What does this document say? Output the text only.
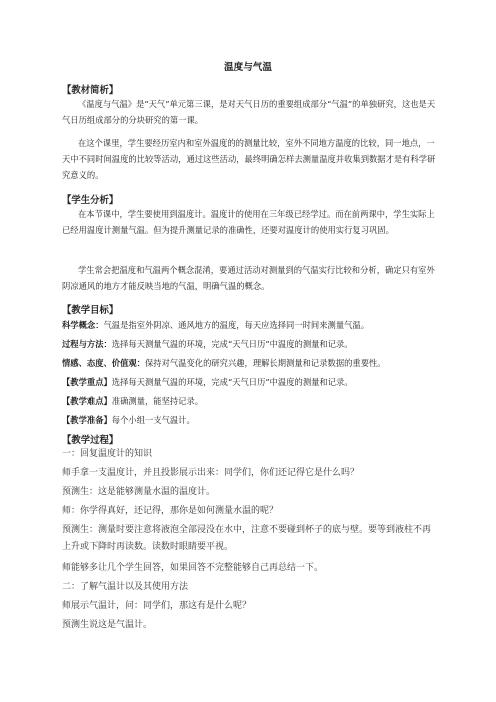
温度与气温
【教材简析】

《温度与气温》是“天气”单元第三课，是对天气日历的重要组成部分“气温”的单独研究，这也是天气日历组成部分的分块研究的第一课。

在这个课里，学生要经历室内和室外温度的的测量比较，室外不同地方温度的比较，同一地点，一天中不同时间温度的比较等活动，通过这些活动，最终明确怎样去测量温度并收集到数据才是有科学研究意义的。

【学生分析】

在本节课中，学生要使用到温度计。温度计的使用在三年级已经学过。而在前两课中，学生实际上已经用温度计测量气温。但为提升测量记录的准确性，还要对温度计的使用实行复习巩固。

学生常会把温度和气温两个概念混淆，要通过活动对测量到的气温实行比较和分析，确定只有室外阴凉通风的地方才能反映当地的气温，明确气温的概念。

【教学目标】

科学概念：气温是指室外阴凉、通风地方的温度，每天应选择同一时间来测量气温。

过程与方法：选择每天测量气温的环境，完成“天气日历”中温度的测量和记录。

情感、态度、价值观：保持对气温变化的研究兴趣，理解长期测量和记录数据的重要性。

【教学重点】选择每天测量气温的环境，完成“天气日历”中温度的测量和记录。

【教学难点】准确测量，能坚持记录。

【教学准备】每个小组一支气温计。

【教学过程】

一：回复温度计的知识

师手拿一支温度计，并且投影展示出来：同学们，你们还记得它是什么吗？

预测生：这是能够测量水温的温度计。

师：你学得真好，还记得，那你是如何测量水温的呢？

预测生：测量时要注意将液泡全部浸没在水中，注意不要碰到杯子的底与壁。要等到液柱不再上升或下降时再读数。读数时眼睛要平视。

师能够多让几个学生回答，如果回答不完整能够自己再总结一下。

二：了解气温计以及其使用方法

师展示气温计，问：同学们，那这有是什么呢？

预测生说这是气温计。
